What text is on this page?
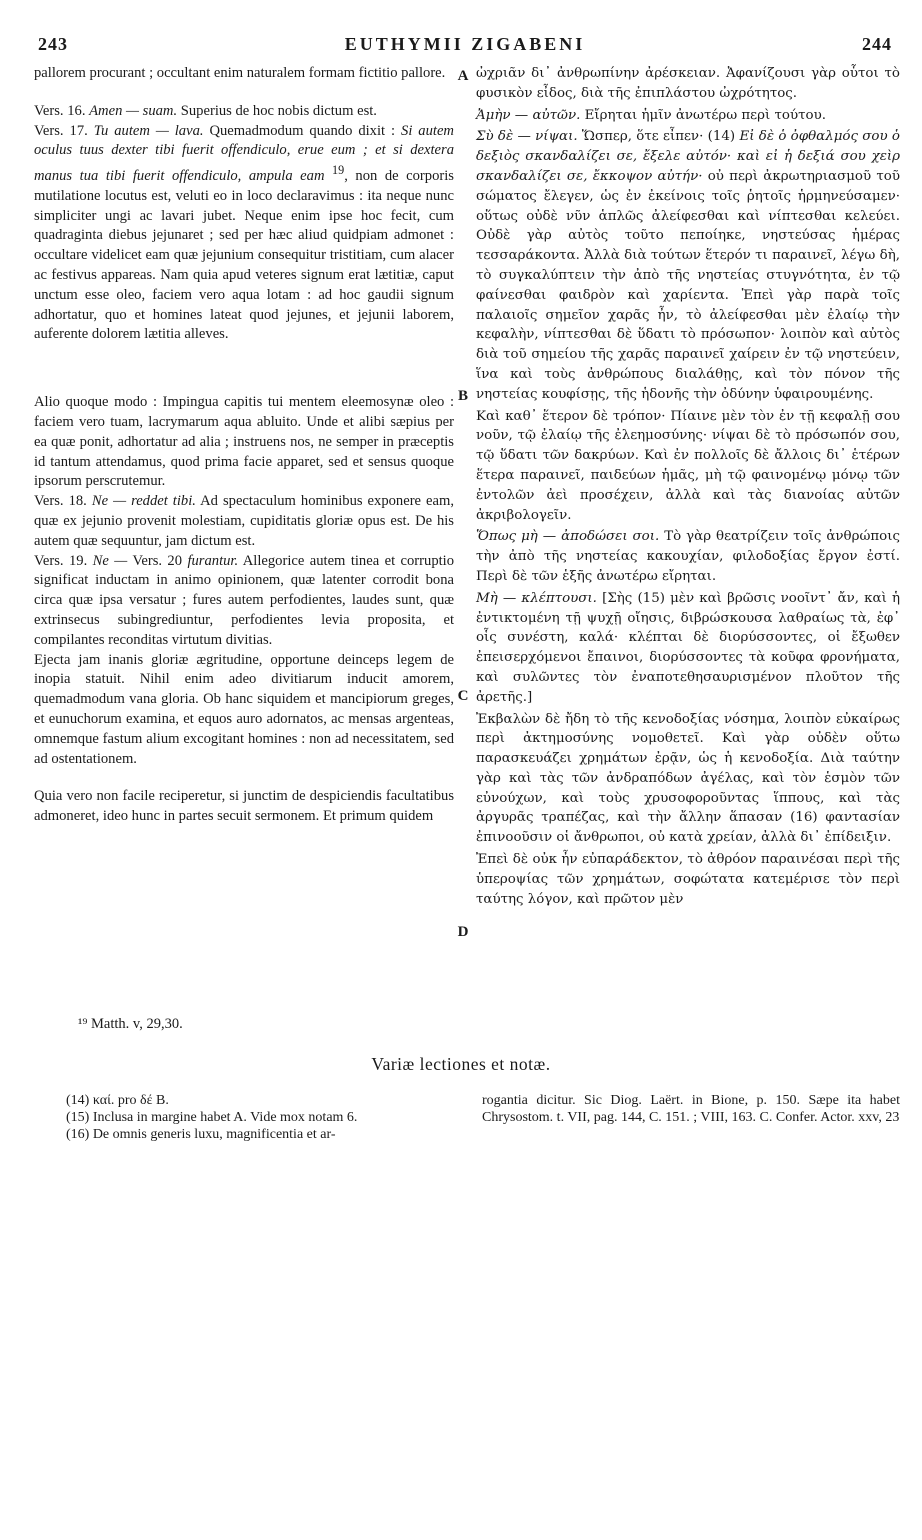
243	EUTHYMII ZIGABENI	244

pallorem procurant ; occultant enim naturalem formam fictitio pallore.

Vers. 16. Amen — suam. Superius de hoc nobis dictum est.

Vers. 17. Tu autem — lava. Quemadmodum quando dixit : Si autem oculus tuus dexter tibi fuerit offendiculo, erue eum ; et si dextera manus tua tibi fuerit offendiculo, ampula eam $^{19}$, non de corporis mutilatione locutus est, veluti eo in loco declaravimus : ita neque nunc simpliciter ungi ac lavari jubet. Neque enim ipse hoc fecit, cum quadraginta diebus jejunaret ; sed per hæc aliud quidpiam admonet : occultare videlicet eam quæ jejunium consequitur tristitiam, cum alacer ac festivus appareas. Nam quia apud veteres signum erat lætitiæ, caput unctum esse oleo, faciem vero aqua lotam : ad hoc gaudii signum adhortatur, quo et homines lateat quod jejunes, et jejunii laborem, auferente dolorem lætitia alleves.

Alio quoque modo : Impingua capitis tui mentem eleemosynæ oleo : faciem vero tuam, lacrymarum aqua abluito. Unde et alibi sæpius per ea quæ ponit, adhortatur ad alia ; instruens nos, ne semper in præceptis id tantum attendamus, quod prima facie apparet, sed et sensus quoque ipsorum perscrutemur.

Vers. 18. Ne — reddet tibi. Ad spectaculum hominibus exponere eam, quæ ex jejunio provenit molestiam, cupiditatis gloriæ opus est. De his autem quæ sequuntur, jam dictum est.

Vers. 19. Ne — Vers. 20 furantur. Allegorice autem tinea et corruptio significat inductam in animo opinionem, quæ latenter corrodit bona circa quæ ipsa versatur ; fures autem perfodientes, laudes sunt, quæ extrinsecus subingrediuntur, perfodientes levia proposita, et compilantes reconditas virtutum divitias.

Ejecta jam inanis gloriæ ægritudine, opportune deinceps legem de inopia statuit. Nihil enim adeo divitiarum inducit amorem, quemadmodum vana gloria. Ob hanc siquidem et mancipiorum greges, et eunuchorum examina, et equos auro adornatos, ac mensas argenteas, omnemque fastum alium excogitant homines : non ad necessitatem, sed ad ostentationem.

Quia vero non facile reciperetur, si junctim de despiciendis facultatibus admoneret, ideo hunc in partes secuit sermonem. Et primum quidem

ὠχριᾶν δι᾽ ἀνθρωπίνην ἀρέσκειαν. Ἀφανίζουσι γὰρ οὗτοι τὸ φυσικὸν εἶδος, διὰ τῆς ἐπιπλάστου ὠχρότητος.

Ἀμὴν — αὐτῶν. Εἴρηται ἡμῖν ἀνωτέρω περὶ τούτου.

Σὺ δὲ — νίψαι. Ὥσπερ, ὅτε εἶπεν· (14) Εἰ δὲ ὁ ὀφθαλμός σου ὁ δεξιὸς σκανδαλίζει σε, ἔξελε αὐτόν· καὶ εἰ ἡ δεξιά σου χεὶρ σκανδαλίζει σε, ἔκκοψον αὐτήν· οὐ περὶ ἀκρωτηριασμοῦ τοῦ σώματος ἔλεγεν, ὡς ἐν ἐκείνοις τοῖς ῥητοῖς ἡρμηνεύσαμεν· οὕτως οὐδὲ νῦν ἁπλῶς ἀλείφεσθαι καὶ νίπτεσθαι κελεύει. Οὐδὲ γὰρ αὐτὸς τοῦτο πεποίηκε, νηστεύσας ἡμέρας τεσσαράκοντα. Ἀλλὰ διὰ τούτων ἕτερόν τι παραινεῖ, λέγω δὴ, τὸ συγκαλύπτειν τὴν ἀπὸ τῆς νηστείας στυγνότητα, ἐν τῷ φαίνεσθαι φαιδρὸν καὶ χαρίεντα. Ἐπεὶ γὰρ παρὰ τοῖς παλαιοῖς σημεῖον χαρᾶς ἦν, τὸ ἀλείφεσθαι μὲν ἐλαίῳ τὴν κεφαλὴν, νίπτεσθαι δὲ ὕδατι τὸ πρόσωπον· λοιπὸν καὶ αὐτὸς διὰ τοῦ σημείου τῆς χαρᾶς παραινεῖ χαίρειν ἐν τῷ νηστεύειν, ἵνα καὶ τοὺς ἀνθρώπους διαλάθῃς, καὶ τὸν πόνον τῆς νηστείας κουφίσῃς, τῆς ἡδονῆς τὴν ὀδύνην ὑφαιρουμένης.

Καὶ καθ᾽ ἕτερον δὲ τρόπον· Πίαινε μὲν τὸν ἐν τῇ κεφαλῇ σου νοῦν, τῷ ἐλαίῳ τῆς ἐλεημοσύνης· νίψαι δὲ τὸ πρόσωπόν σου, τῷ ὕδατι τῶν δακρύων. Καὶ ἐν πολλοῖς δὲ ἄλλοις δι᾽ ἑτέρων ἕτερα παραινεῖ, παιδεύων ἡμᾶς, μὴ τῷ φαινομένῳ μόνῳ τῶν ἐντολῶν ἀεὶ προσέχειν, ἀλλὰ καὶ τὰς διανοίας αὐτῶν ἀκριβολογεῖν.

Ὅπως μὴ — ἀποδώσει σοι. Τὸ γὰρ θεατρίζειν τοῖς ἀνθρώποις τὴν ἀπὸ τῆς νηστείας κακουχίαν, φιλοδοξίας ἔργον ἐστί. Περὶ δὲ τῶν ἑξῆς ἀνωτέρω εἴρηται.

Μὴ — κλέπτουσι. [Σὴς (15) μὲν καὶ βρῶσις νοοῖντ᾽ ἄν, καὶ ἡ ἐντικτομένη τῇ ψυχῇ οἴησις, διβρώσκουσα λαθραίως τὰ, ἐφ᾽ οἷς συνέστη, καλά· κλέπται δὲ διορύσσοντες, οἱ ἔξωθεν ἐπεισερχόμενοι ἔπαινοι, διορύσσοντες τὰ κοῦφα φρονήματα, καὶ συλῶντες τὸν ἐναποτεθησαυρισμένον πλοῦτον τῆς ἀρετῆς.]

Ἐκβαλὼν δὲ ἤδη τὸ τῆς κενοδοξίας νόσημα, λοιπὸν εὐκαίρως περὶ ἀκτημοσύνης νομοθετεῖ. Καὶ γὰρ οὐδὲν οὕτω παρασκευάζει χρημάτων ἐρᾷν, ὡς ἡ κενοδοξία. Διὰ ταύτην γὰρ καὶ τὰς τῶν ἀνδραπόδων ἀγέλας, καὶ τὸν ἑσμὸν τῶν εὐνούχων, καὶ τοὺς χρυσοφοροῦντας ἵππους, καὶ τὰς ἀργυρᾶς τραπέζας, καὶ τὴν ἄλλην ἅπασαν (16) φαντασίαν ἐπινοοῦσιν οἱ ἄνθρωποι, οὐ κατὰ χρείαν, ἀλλὰ δι᾽ ἐπίδειξιν.

Ἐπεὶ δὲ οὐκ ἦν εὐπαράδεκτον, τὸ ἀθρόον παραινέσαι περὶ τῆς ὑπεροψίας τῶν χρημάτων, σοφώτατα κατεμέρισε τὸν περὶ ταύτης λόγον, καὶ πρῶτον μὲν

A
B
C
D
¹⁹ Matth. v, 29,30.
Variæ lectiones et notæ.

(14) καί. pro δέ B.

(15) Inclusa in margine habet A. Vide mox notam 6.

(16) De omnis generis luxu, magnificentia et ar-

rogantia dicitur. Sic Diog. Laërt. in Bione, p. 150. Sæpe ita habet Chrysostom. t. VII, pag. 144, C. 151. ; VIII, 163. C. Confer. Actor. xxv, 23
